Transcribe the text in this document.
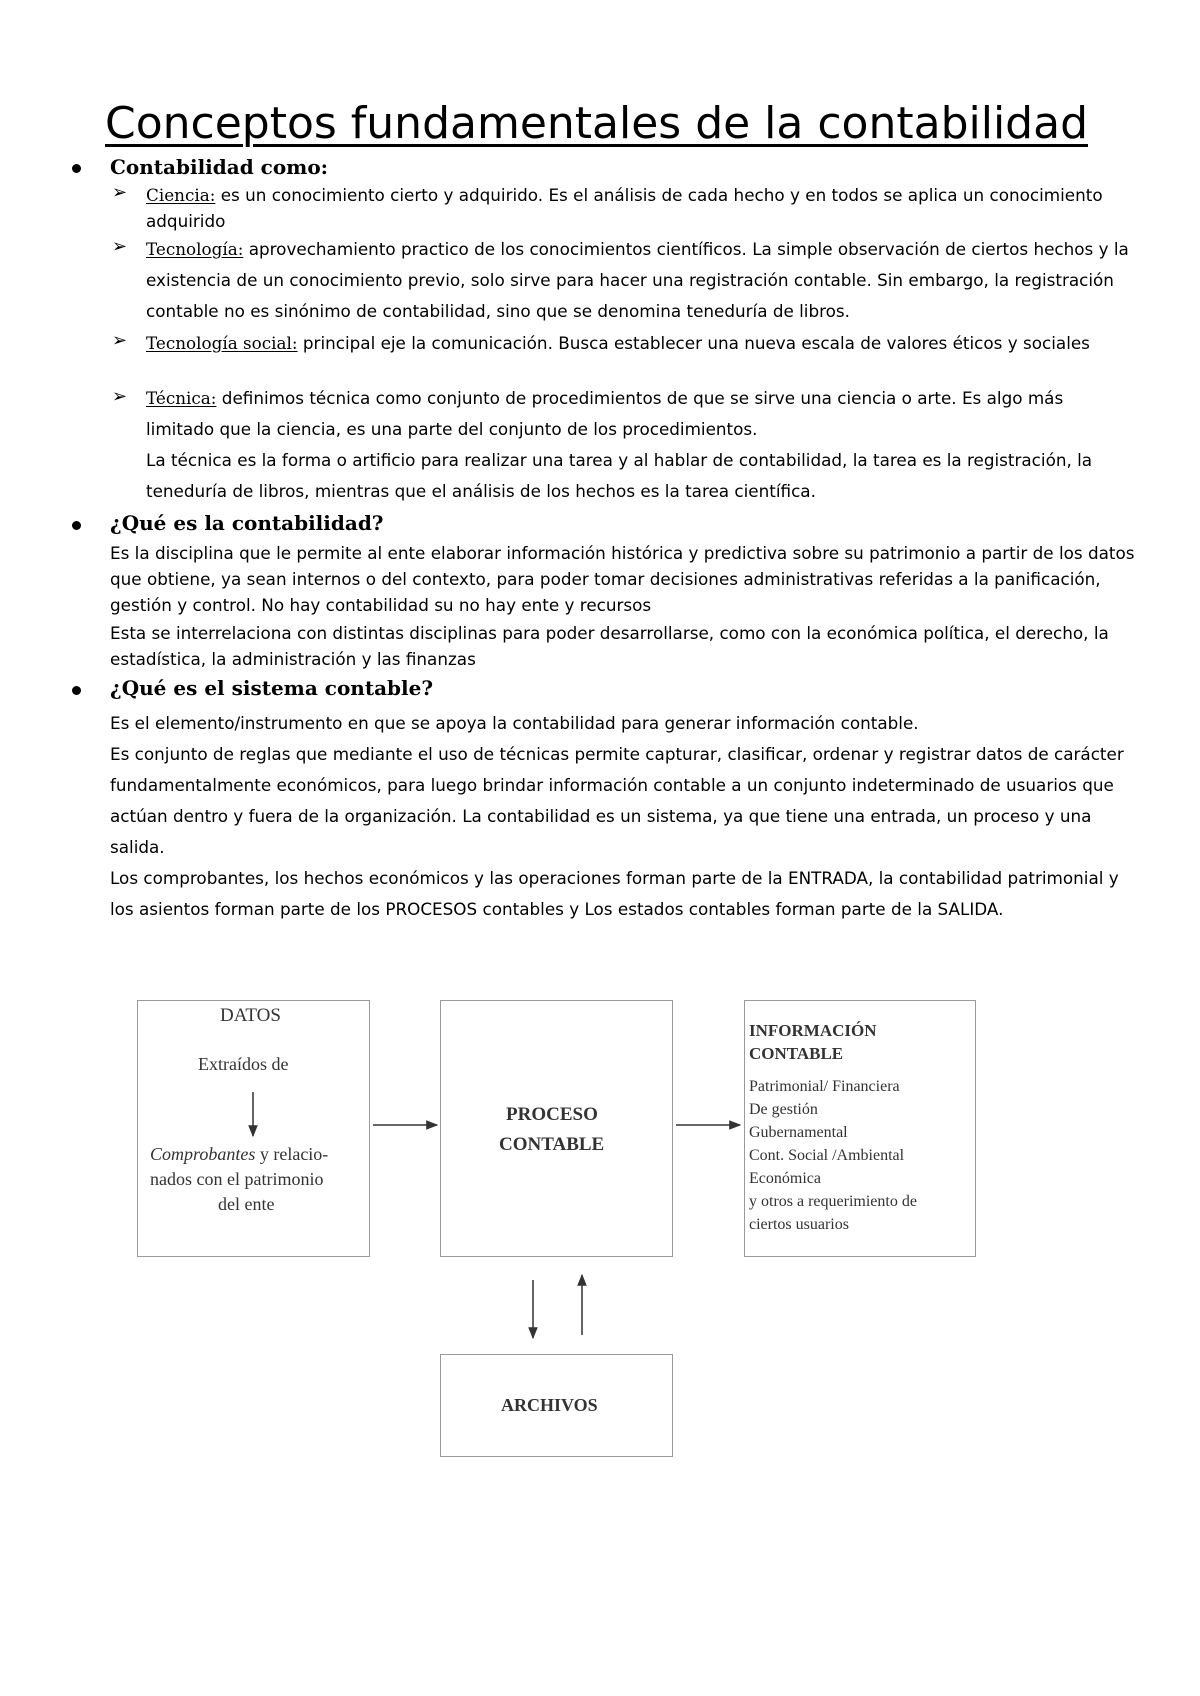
Conceptos fundamentales de la contabilidad
Contabilidad como:
➢ Ciencia: es un conocimiento cierto y adquirido. Es el análisis de cada hecho y en todos se aplica un conocimiento adquirido

➢ Tecnología: aprovechamiento practico de los conocimientos científicos. La simple observación de ciertos hechos y la existencia de un conocimiento previo, solo sirve para hacer una registración contable. Sin embargo, la registración contable no es sinónimo de contabilidad, sino que se denomina teneduría de libros.

➢ Tecnología social: principal eje la comunicación. Busca establecer una nueva escala de valores éticos y sociales

➢ Técnica: definimos técnica como conjunto de procedimientos de que se sirve una ciencia o arte. Es algo más limitado que la ciencia, es una parte del conjunto de los procedimientos.

La técnica es la forma o artificio para realizar una tarea y al hablar de contabilidad, la tarea es la registración, la teneduría de libros, mientras que el análisis de los hechos es la tarea científica.

¿Qué es la contabilidad?

Es la disciplina que le permite al ente elaborar información histórica y predictiva sobre su patrimonio a partir de los datos que obtiene, ya sean internos o del contexto, para poder tomar decisiones administrativas referidas a la panificación, gestión y control. No hay contabilidad su no hay ente y recursos

Esta se interrelaciona con distintas disciplinas para poder desarrollarse, como con la económica política, el derecho, la estadística, la administración y las finanzas

¿Qué es el sistema contable?

Es el elemento/instrumento en que se apoya la contabilidad para generar información contable.

Es conjunto de reglas que mediante el uso de técnicas permite capturar, clasificar, ordenar y registrar datos de carácter fundamentalmente económicos, para luego brindar información contable a un conjunto indeterminado de usuarios que actúan dentro y fuera de la organización. La contabilidad es un sistema, ya que tiene una entrada, un proceso y una salida.

Los comprobantes, los hechos económicos y las operaciones forman parte de la ENTRADA, la contabilidad patrimonial y los asientos forman parte de los PROCESOS contables y Los estados contables forman parte de la SALIDA.

DATOS
Extraídos de
Comprobantes y relacio-
nados con el patrimonio
del ente
PROCESO
CONTABLE
INFORMACIÓN
CONTABLE
Patrimonial/ Financiera
De gestión
Gubernamental
Cont. Social /Ambiental
Económica
y otros a requerimiento de
ciertos usuarios
ARCHIVOS
